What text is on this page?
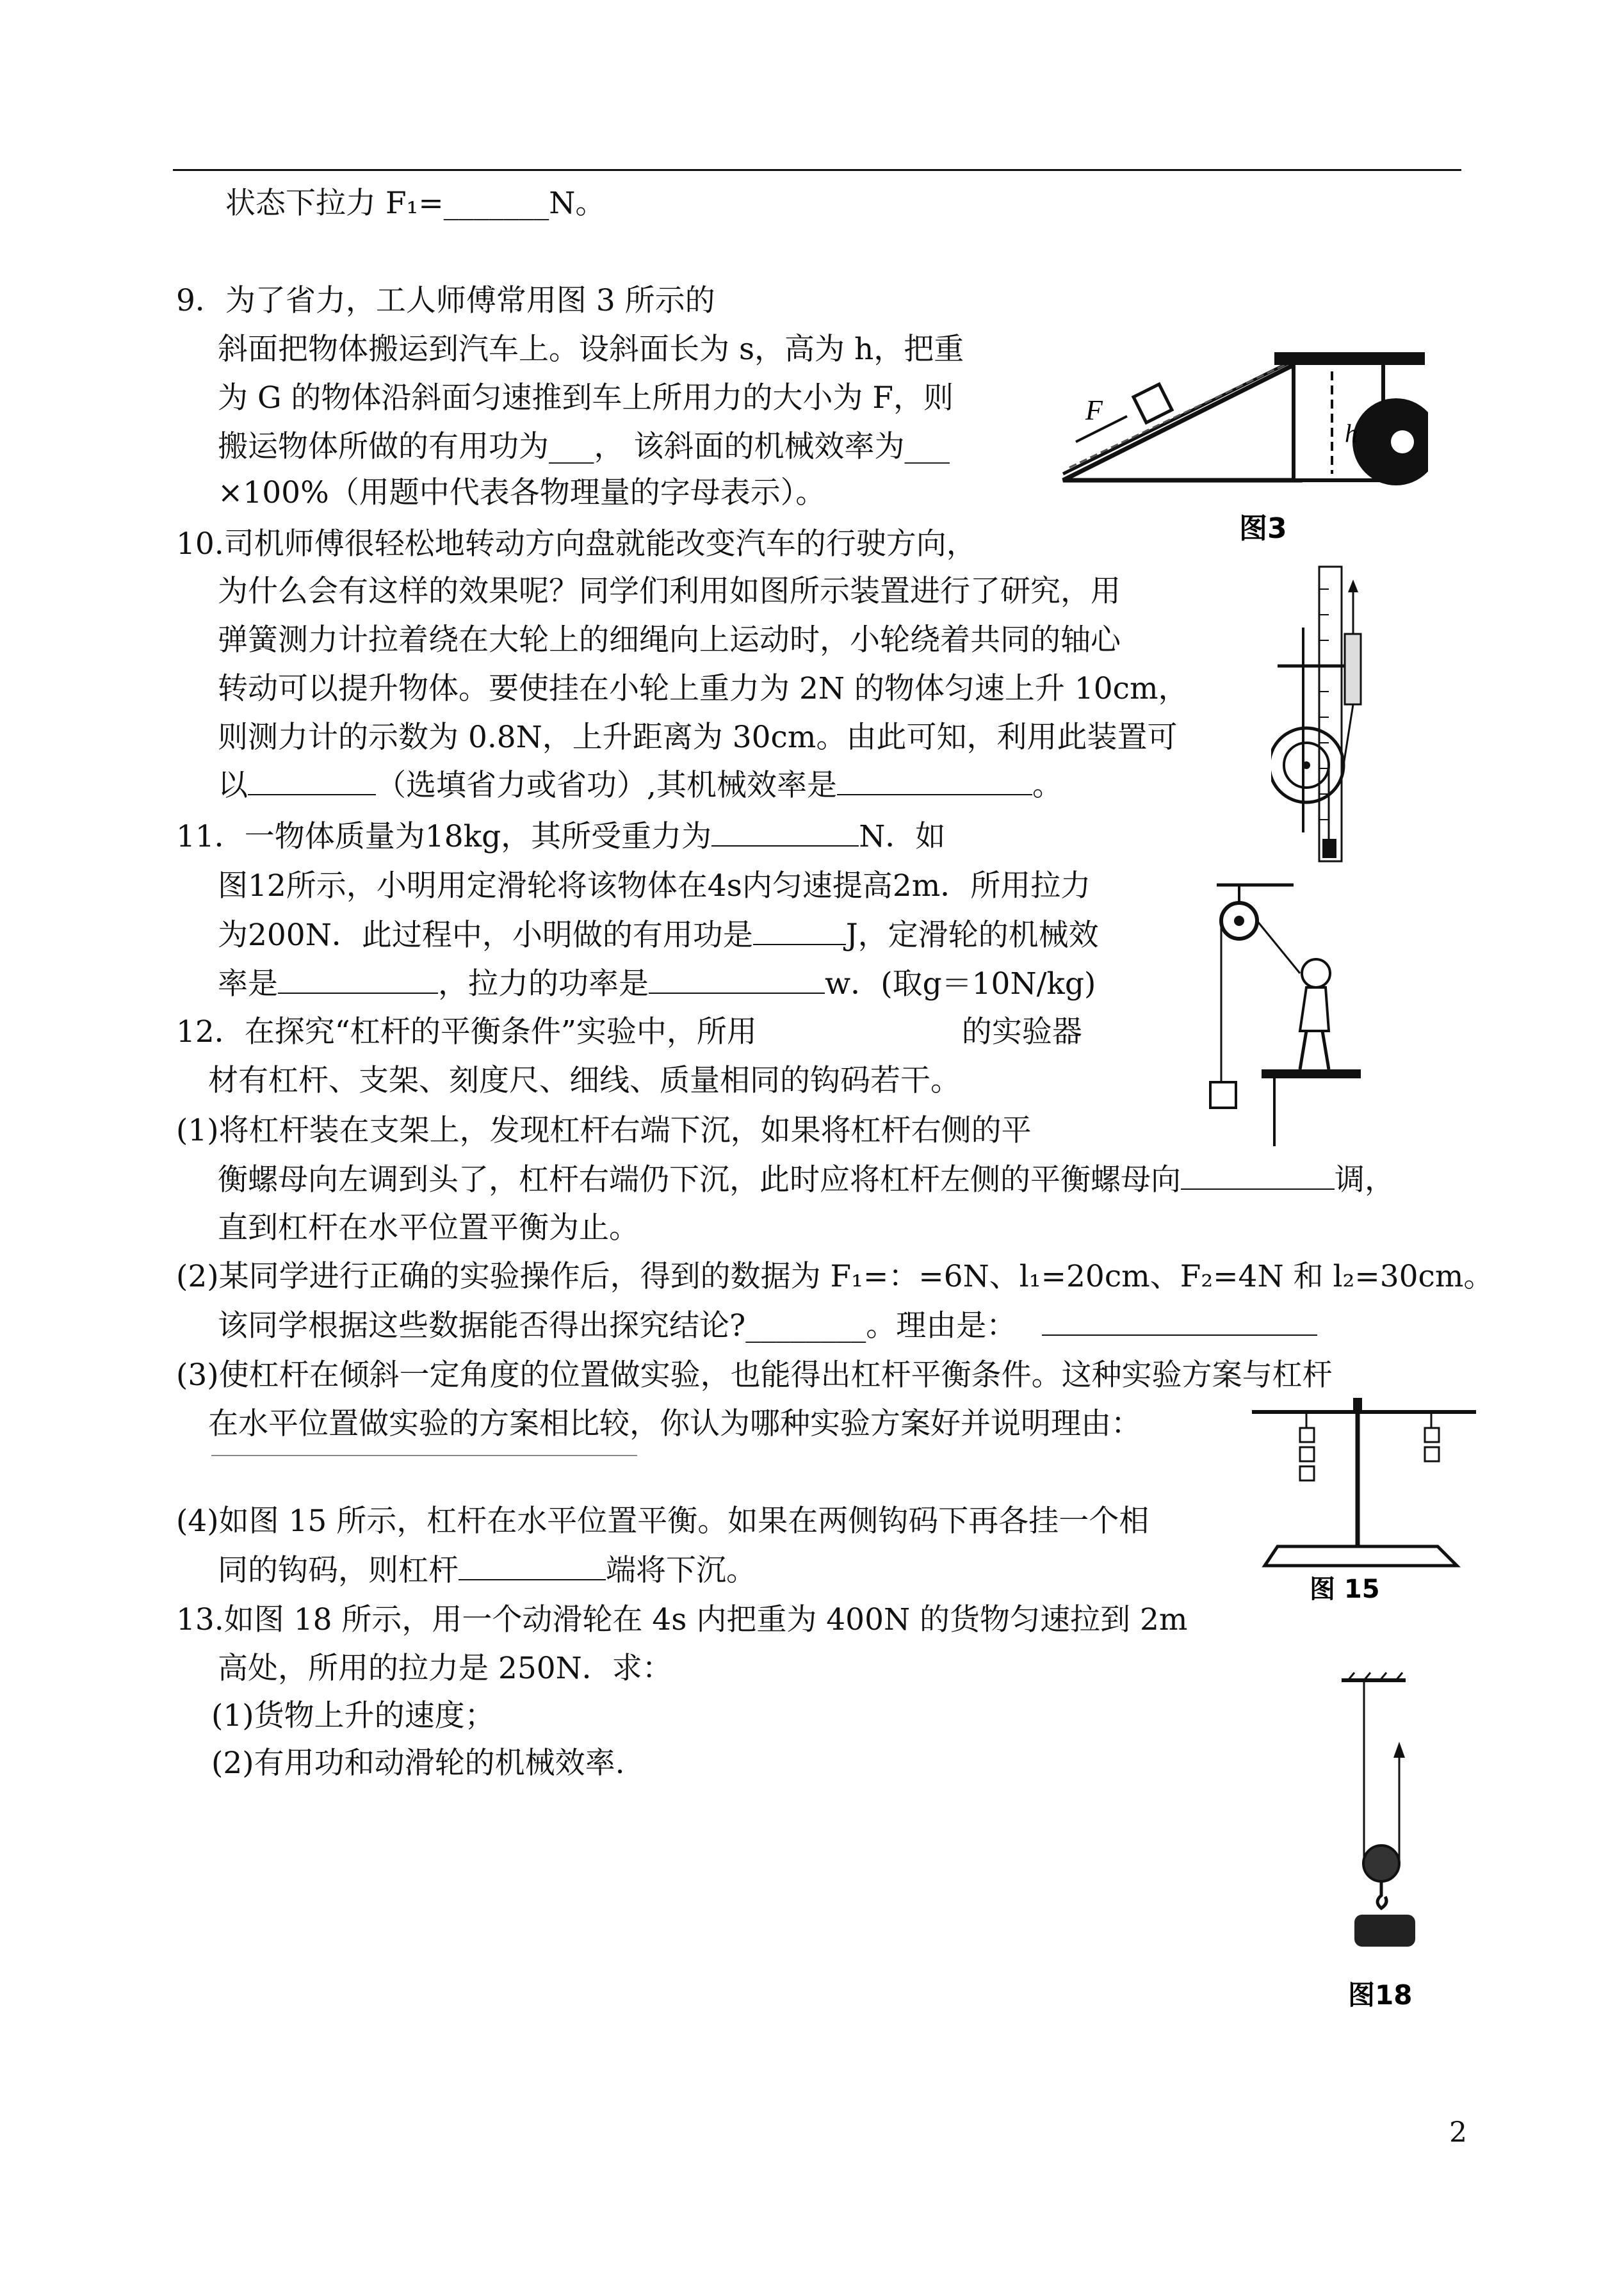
状态下拉力 F₁=_______N。
9．为了省力，工人师傅常用图 3 所示的
斜面把物体搬运到汽车上。设斜面长为 s，高为 h，把重
为 G 的物体沿斜面匀速推到车上所用力的大小为 F，则
搬运物体所做的有用功为___， 该斜面的机械效率为___
×100%（用题中代表各物理量的字母表示）。
10.司机师傅很轻松地转动方向盘就能改变汽车的行驶方向，
为什么会有这样的效果呢？同学们利用如图所示装置进行了研究，用
弹簧测力计拉着绕在大轮上的细绳向上运动时，小轮绕着共同的轴心
转动可以提升物体。要使挂在小轮上重力为 2N 的物体匀速上升 10cm，
则测力计的示数为 0.8N，上升距离为 30cm。由此可知，利用此装置可
以	（选填省力或省功）,其机械效率是	。
11．一物体质量为18kg，其所受重力为	N．如
图12所示，小明用定滑轮将该物体在4s内匀速提高2m．所用拉力
为200N．此过程中，小明做的有用功是	J，定滑轮的机械效
率是	，拉力的功率是	w．(取g＝10N/kg)
12．在探究“杠杆的平衡条件”实验中，所用	的实验器
材有杠杆、支架、刻度尺、细线、质量相同的钩码若干。
(1)将杠杆装在支架上，发现杠杆右端下沉，如果将杠杆右侧的平
衡螺母向左调到头了，杠杆右端仍下沉，此时应将杠杆左侧的平衡螺母向	调，
直到杠杆在水平位置平衡为止。
(2)某同学进行正确的实验操作后，得到的数据为 F₁=：=6N、l₁=20cm、F₂=4N 和 l₂=30cm。
该同学根据这些数据能否得出探究结论?________。理由是：
(3)使杠杆在倾斜一定角度的位置做实验，也能得出杠杆平衡条件。这种实验方案与杠杆
在水平位置做实验的方案相比较，你认为哪种实验方案好并说明理由：
(4)如图 15 所示，杠杆在水平位置平衡。如果在两侧钩码下再各挂一个相
同的钩码，则杠杆	端将下沉。
13.如图 18 所示，用一个动滑轮在 4s 内把重为 400N 的货物匀速拉到 2m
高处，所用的拉力是 250N．求：
(1)货物上升的速度；
(2)有用功和动滑轮的机械效率.
F
h
图3
图 15
图18
2
